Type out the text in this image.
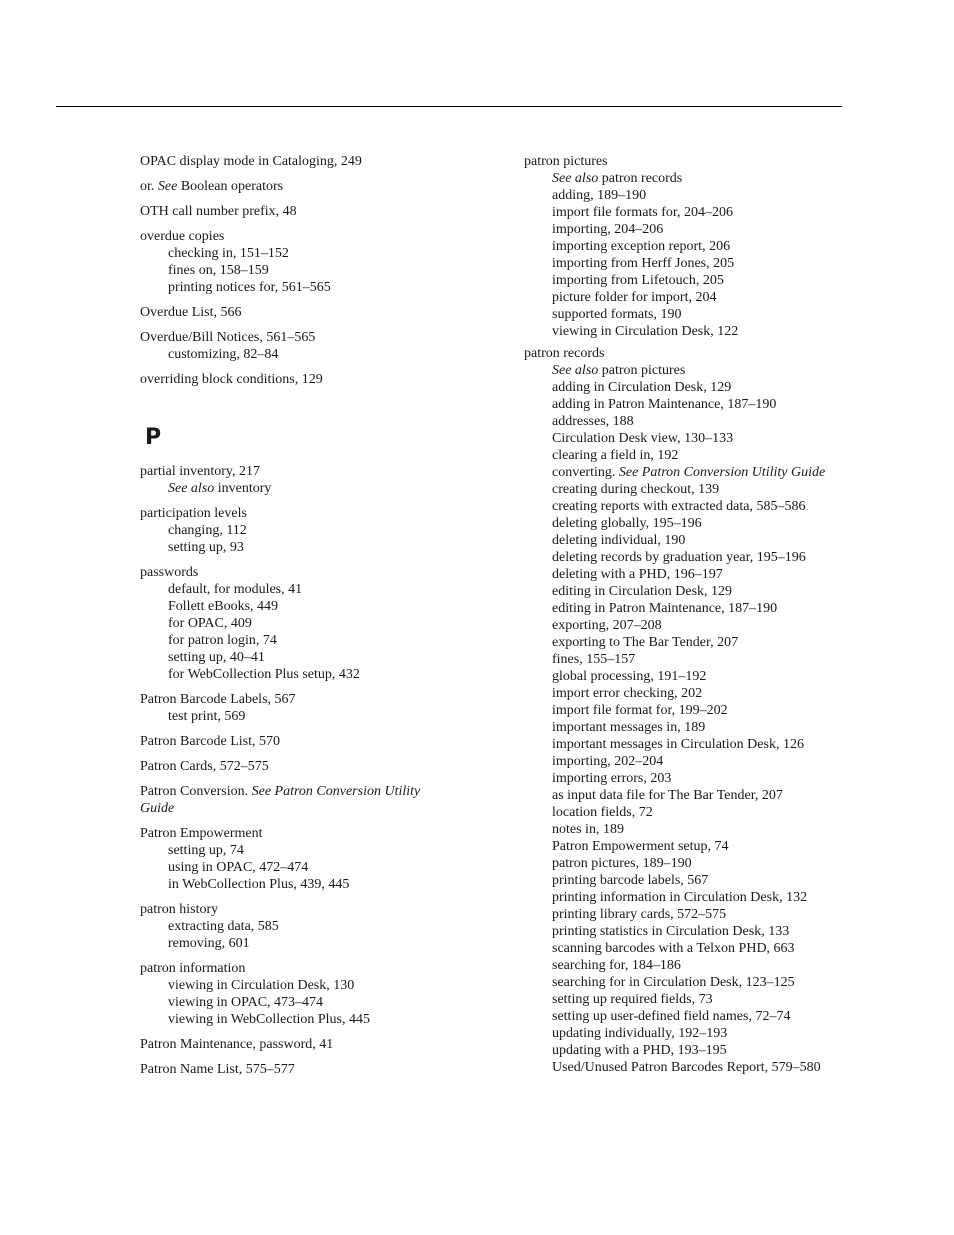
OPAC display mode in Cataloging, 249
or. See Boolean operators
OTH call number prefix, 48
overdue copies
checking in, 151–152
fines on, 158–159
printing notices for, 561–565
Overdue List, 566
Overdue/Bill Notices, 561–565
customizing, 82–84
overriding block conditions, 129
P
partial inventory, 217
See also inventory
participation levels
changing, 112
setting up, 93
passwords
default, for modules, 41
Follett eBooks, 449
for OPAC, 409
for patron login, 74
setting up, 40–41
for WebCollection Plus setup, 432
Patron Barcode Labels, 567
test print, 569
Patron Barcode List, 570
Patron Cards, 572–575
Patron Conversion. See Patron Conversion Utility Guide
Patron Empowerment
setting up, 74
using in OPAC, 472–474
in WebCollection Plus, 439, 445
patron history
extracting data, 585
removing, 601
patron information
viewing in Circulation Desk, 130
viewing in OPAC, 473–474
viewing in WebCollection Plus, 445
Patron Maintenance, password, 41
Patron Name List, 575–577
patron pictures
See also patron records
adding, 189–190
import file formats for, 204–206
importing, 204–206
importing exception report, 206
importing from Herff Jones, 205
importing from Lifetouch, 205
picture folder for import, 204
supported formats, 190
viewing in Circulation Desk, 122
patron records
See also patron pictures
adding in Circulation Desk, 129
adding in Patron Maintenance, 187–190
addresses, 188
Circulation Desk view, 130–133
clearing a field in, 192
converting. See Patron Conversion Utility Guide
creating during checkout, 139
creating reports with extracted data, 585–586
deleting globally, 195–196
deleting individual, 190
deleting records by graduation year, 195–196
deleting with a PHD, 196–197
editing in Circulation Desk, 129
editing in Patron Maintenance, 187–190
exporting, 207–208
exporting to The Bar Tender, 207
fines, 155–157
global processing, 191–192
import error checking, 202
import file format for, 199–202
important messages in, 189
important messages in Circulation Desk, 126
importing, 202–204
importing errors, 203
as input data file for The Bar Tender, 207
location fields, 72
notes in, 189
Patron Empowerment setup, 74
patron pictures, 189–190
printing barcode labels, 567
printing information in Circulation Desk, 132
printing library cards, 572–575
printing statistics in Circulation Desk, 133
scanning barcodes with a Telxon PHD, 663
searching for, 184–186
searching for in Circulation Desk, 123–125
setting up required fields, 73
setting up user-defined field names, 72–74
updating individually, 192–193
updating with a PHD, 193–195
Used/Unused Patron Barcodes Report, 579–580
